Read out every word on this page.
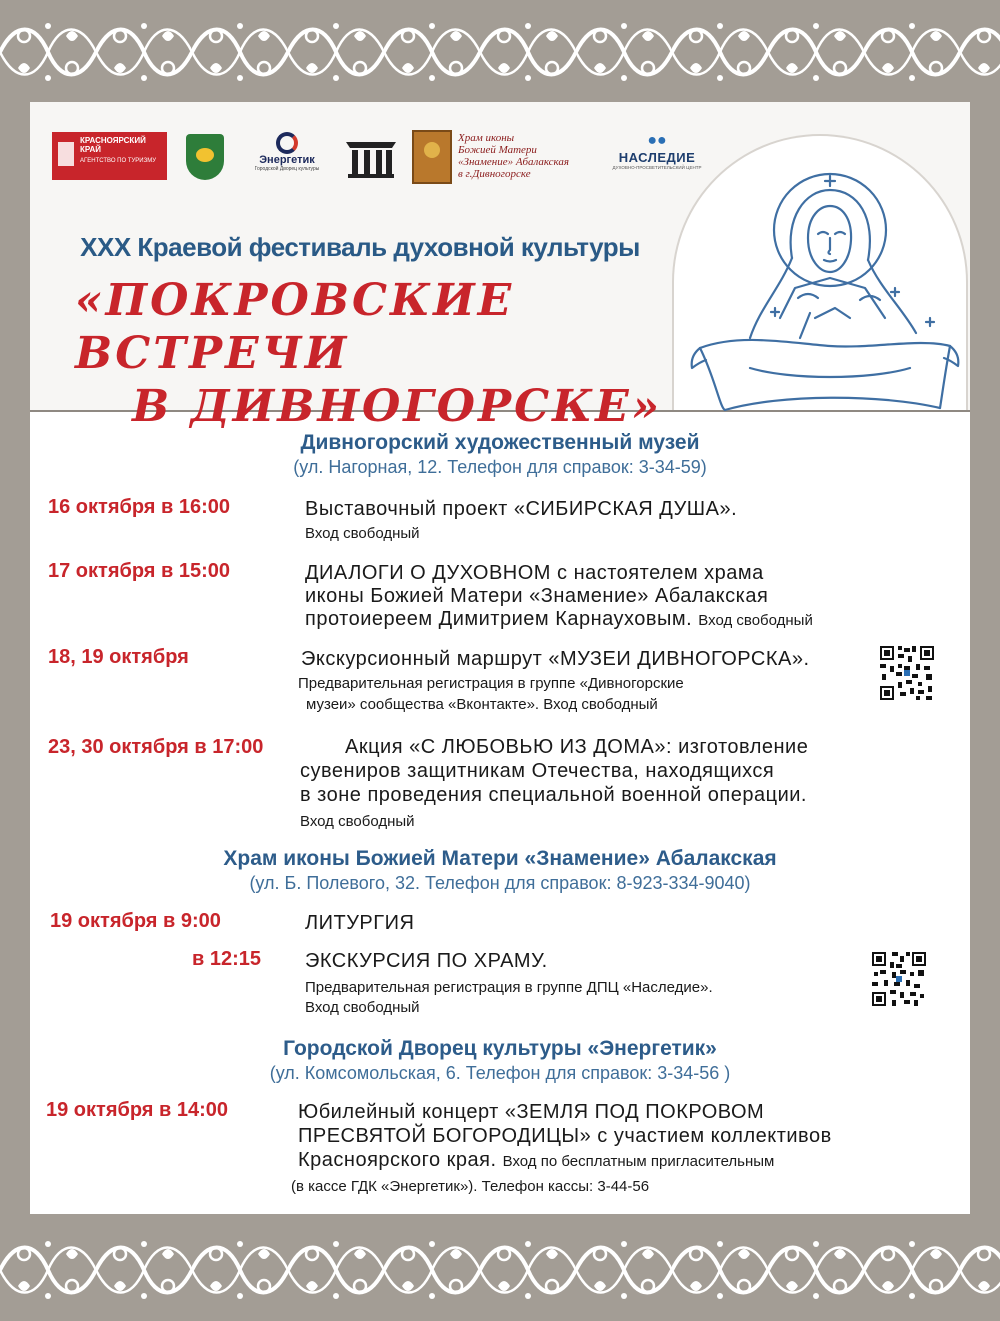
КРАСНОЯРСКИЙ
КРАЙ
АГЕНТСТВО ПО ТУРИЗМУ	Энергетик
Городской Дворец культуры
Храм иконы
Божией Матери
«Знамение» Абалакская
в г.Дивногорске
●●
НАСЛЕДИЕ
ДУХОВНО-ПРОСВЕТИТЕЛЬСКИЙ ЦЕНТР
XXX Краевой фестиваль духовной культуры
«ПОКРОВСКИЕ ВСТРЕЧИ
В ДИВНОГОРСКЕ»
Дивногорский художественный музей
(ул. Нагорная, 12. Телефон для справок: 3-34-59)
16 октября в 16:00	Выставочный проект «СИБИРСКАЯ ДУША».
Вход свободный
17 октября в 15:00	ДИАЛОГИ О ДУХОВНОМ с настоятелем храма
иконы Божией Матери «Знамение» Абалакская
протоиереем Димитрием Карнауховым. Вход свободный
18, 19 октября	Экскурсионный маршрут «МУЗЕИ ДИВНОГОРСКА».
Предварительная регистрация в группе «Дивногорские
музеи» сообщества «Вконтакте». Вход свободный
23, 30 октября в 17:00	Акция «С ЛЮБОВЬЮ ИЗ ДОМА»: изготовление
сувениров защитникам Отечества, находящихся
в зоне проведения специальной военной операции.
Вход свободный
Храм иконы Божией Матери «Знамение» Абалакская
(ул. Б. Полевого, 32. Телефон для справок: 8-923-334-9040)
19 октября в 9:00	ЛИТУРГИЯ
в 12:15 ЭКСКУРСИЯ ПО ХРАМУ.
Предварительная регистрация в группе ДПЦ «Наследие».
Вход свободный
Городской Дворец культуры «Энергетик»
(ул. Комсомольская, 6. Телефон для справок: 3-34-56 )
19 октября в 14:00	Юбилейный концерт «ЗЕМЛЯ ПОД ПОКРОВОМ
ПРЕСВЯТОЙ БОГОРОДИЦЫ» с участием коллективов
Красноярского края. Вход по бесплатным пригласительным
(в кассе ГДК «Энергетик»). Телефон кассы: 3-44-56
